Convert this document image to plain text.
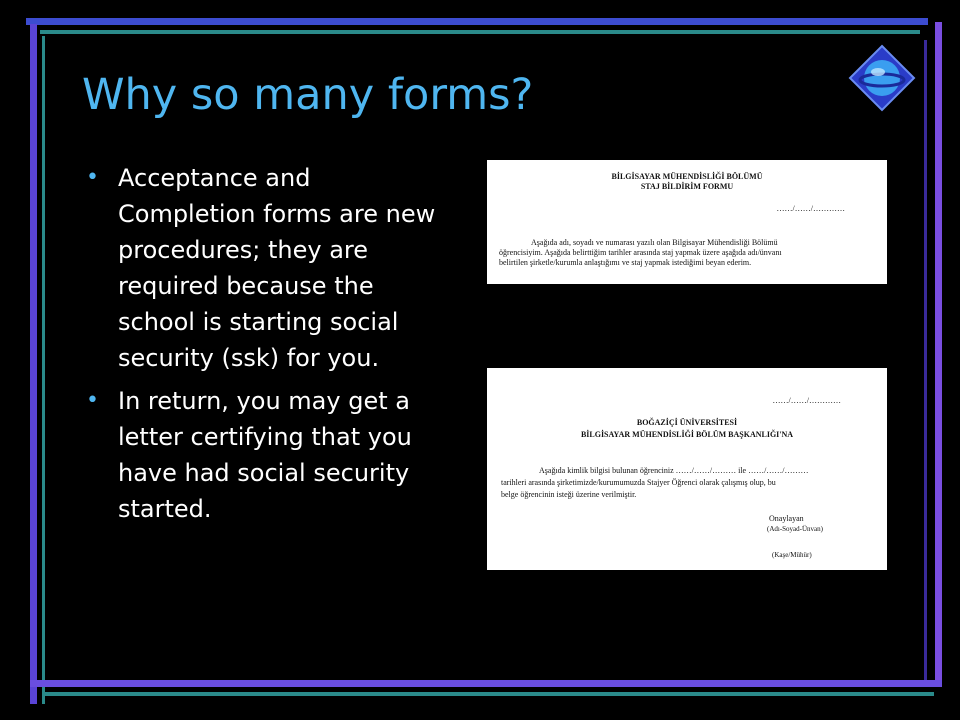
Why so many forms?
• Acceptance and Completion forms are new procedures; they are required because the school is starting social security (ssk) for you.
• In return, you may get a letter certifying that you have had social security started.
BİLGİSAYAR MÜHENDİSLİĞİ BÖLÜMÜ
STAJ BİLDİRİM FORMU
……/……/…………
Aşağıda adı, soyadı ve numarası yazılı olan Bilgisayar Mühendisliği Bölümü
öğrencisiyim. Aşağıda belirttiğim tarihler arasında staj yapmak üzere aşağıda adı/ünvanı
belirtilen şirketle/kurumla anlaştığımı ve staj yapmak istediğimi beyan ederim.
……/……/…………
BOĞAZİÇİ ÜNİVERSİTESİ
BİLGİSAYAR MÜHENDİSLİĞİ BÖLÜM BAŞKANLIĞI'NA
Aşağıda kimlik bilgisi bulunan öğrenciniz ……/……/……… ile ……/……/………
tarihleri arasında şirketimizde/kurumumuzda Stajyer Öğrenci olarak çalışmış olup, bu
belge öğrencinin isteği üzerine verilmiştir.
Onaylayan
(Adı-Soyad-Ünvan)
(Kaşe/Mühür)
